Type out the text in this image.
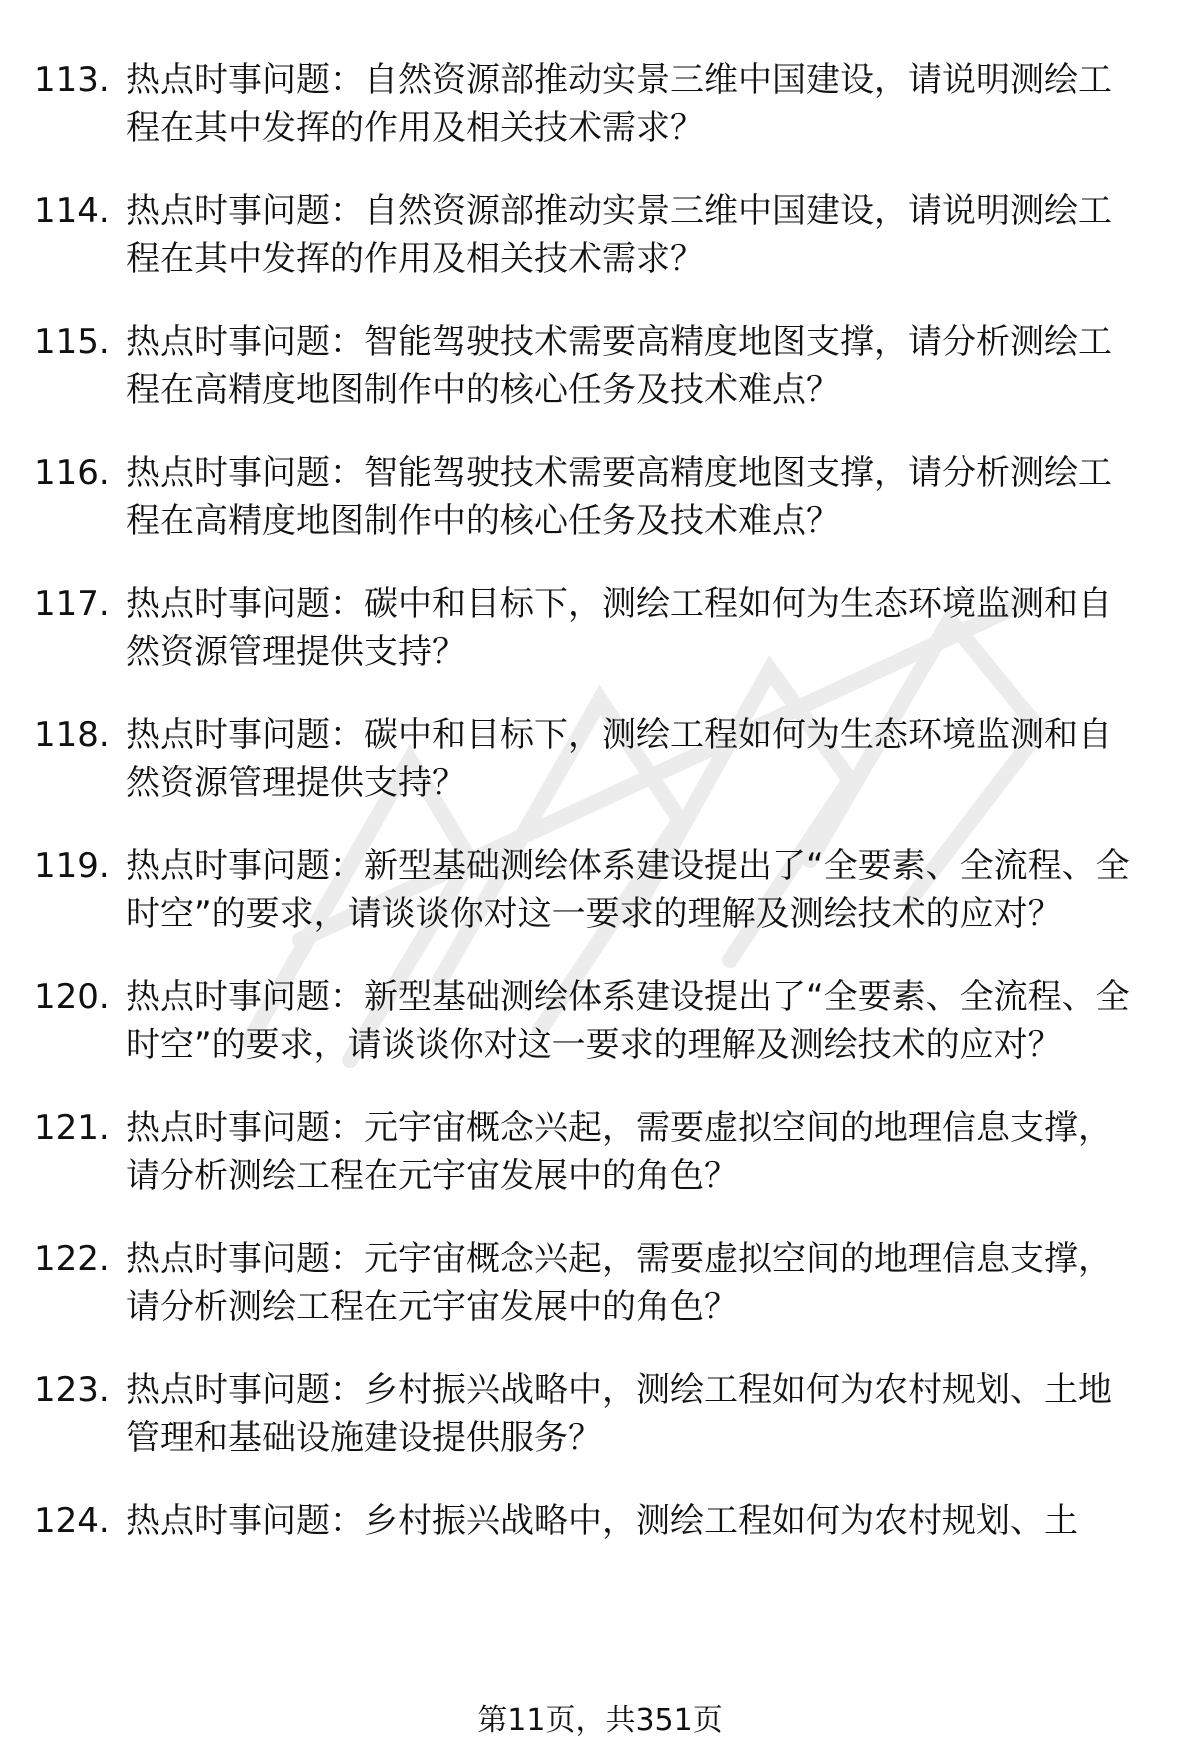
113. 热点时事问题：自然资源部推动实景三维中国建设，请说明测绘工程在其中发挥的作用及相关技术需求？
114. 热点时事问题：自然资源部推动实景三维中国建设，请说明测绘工程在其中发挥的作用及相关技术需求？
115. 热点时事问题：智能驾驶技术需要高精度地图支撑，请分析测绘工程在高精度地图制作中的核心任务及技术难点？
116. 热点时事问题：智能驾驶技术需要高精度地图支撑，请分析测绘工程在高精度地图制作中的核心任务及技术难点？
117. 热点时事问题：碳中和目标下，测绘工程如何为生态环境监测和自然资源管理提供支持？
118. 热点时事问题：碳中和目标下，测绘工程如何为生态环境监测和自然资源管理提供支持？
119. 热点时事问题：新型基础测绘体系建设提出了“全要素、全流程、全时空”的要求，请谈谈你对这一要求的理解及测绘技术的应对？
120. 热点时事问题：新型基础测绘体系建设提出了“全要素、全流程、全时空”的要求，请谈谈你对这一要求的理解及测绘技术的应对？
121. 热点时事问题：元宇宙概念兴起，需要虚拟空间的地理信息支撑，请分析测绘工程在元宇宙发展中的角色？
122. 热点时事问题：元宇宙概念兴起，需要虚拟空间的地理信息支撑，请分析测绘工程在元宇宙发展中的角色？
123. 热点时事问题：乡村振兴战略中，测绘工程如何为农村规划、土地管理和基础设施建设提供服务？
124. 热点时事问题：乡村振兴战略中，测绘工程如何为农村规划、土
第11页，共351页
